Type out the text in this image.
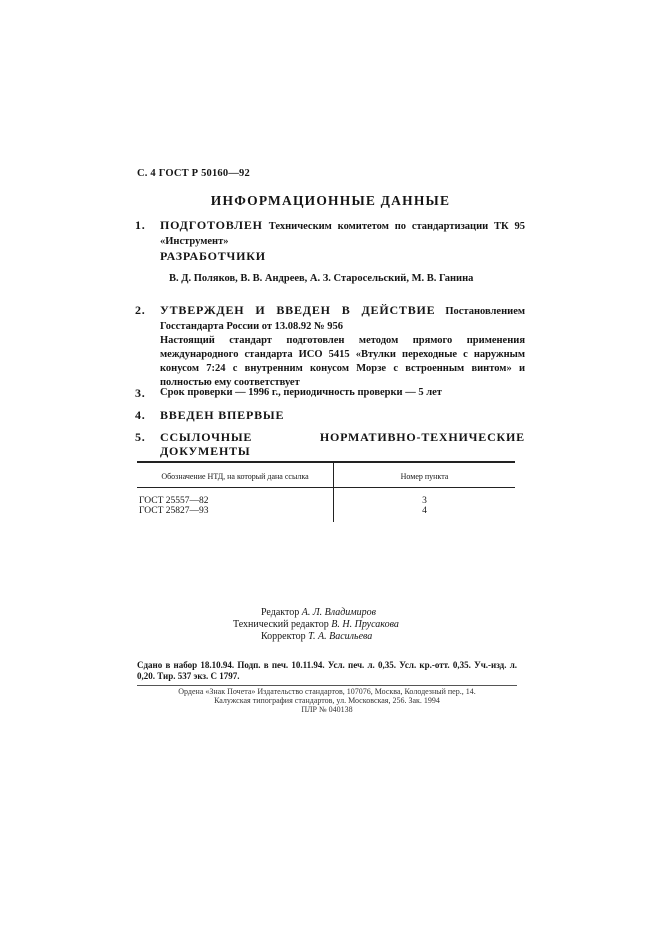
С. 4 ГОСТ Р 50160—92
ИНФОРМАЦИОННЫЕ ДАННЫЕ
1. ПОДГОТОВЛЕН Техническим комитетом по стандартизации ТК 95 «Инструмент»
РАЗРАБОТЧИКИ
В. Д. Поляков, В. В. Андреев, А. З. Старосельский, М. В. Ганина
2. УТВЕРЖДЕН И ВВЕДЕН В ДЕЙСТВИЕ Постановлением Госстандарта России от 13.08.92 № 956
Настоящий стандарт подготовлен методом прямого применения международного стандарта ИСО 5415 «Втулки переходные с наружным конусом 7:24 с внутренним конусом Морзе с встроенным винтом» и полностью ему соответствует
3. Срок проверки — 1996 г., периодичность проверки — 5 лет
4. ВВЕДЕН ВПЕРВЫЕ
5. ССЫЛОЧНЫЕ НОРМАТИВНО-ТЕХНИЧЕСКИЕ ДОКУМЕНТЫ
Обозначение НТД, на который дана ссылка	Номер пункта
ГОСТ 25557—82	3
ГОСТ 25827—93	4
Редактор А. Л. Владимиров
Технический редактор В. Н. Прусакова
Корректор Т. А. Васильева
Сдано в набор 18.10.94. Подп. в печ. 10.11.94. Усл. печ. л. 0,35. Усл. кр.-отт. 0,35. Уч.-изд. л. 0,20. Тир. 537 экз. С 1797.
Ордена «Знак Почета» Издательство стандартов, 107076, Москва, Колодезный пер., 14.
Калужская типография стандартов, ул. Московская, 256. Зак. 1994
ПЛР № 040138
